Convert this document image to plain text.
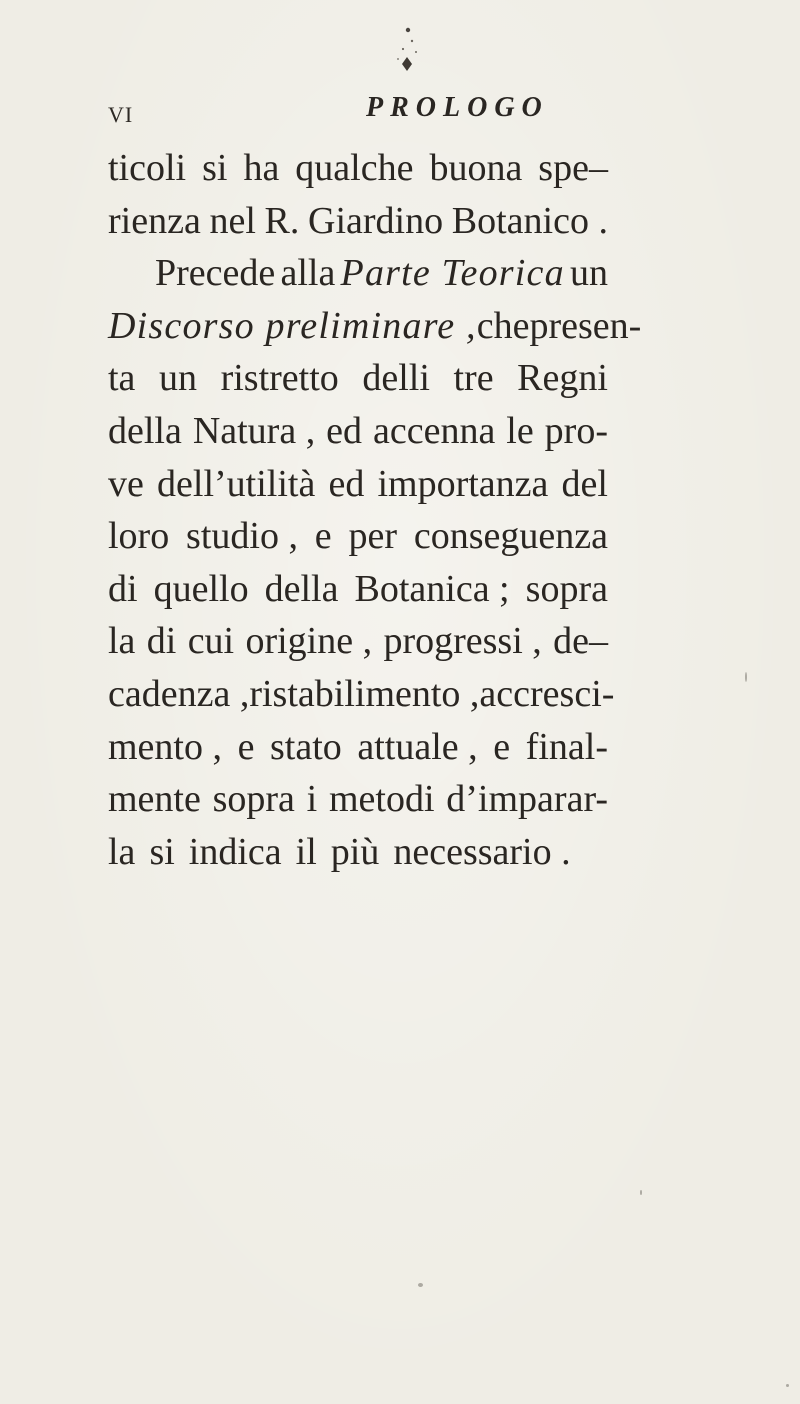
VI	PROLOGO
ticoli si ha qualche buona spe–
rienza nel R. Giardino Botanico .
Precede alla Parte Teorica un
Discorso preliminare , che presen-
ta un ristretto delli tre Regni
della Natura , ed accenna le pro-
ve dell’utilità ed importanza del
loro studio , e per conseguenza
di quello della Botanica ; sopra
la di cui origine , progressi , de–
cadenza , ristabilimento , accresci-
mento , e stato attuale , e final-
mente sopra i metodi d’imparar-
la si indica il più necessario .
